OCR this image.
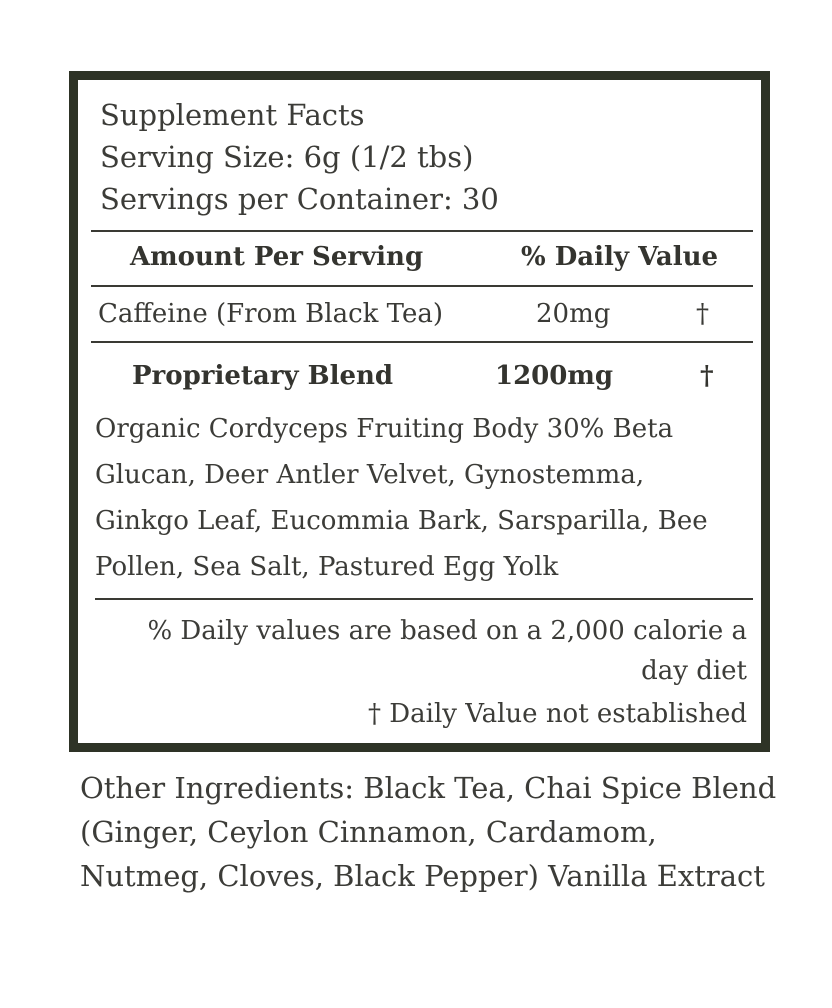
Supplement Facts
Serving Size: 6g (1/2 tbs)
Servings per Container: 30
Amount Per Serving	% Daily Value
Caffeine (From Black Tea)	20mg	†
Proprietary Blend	1200mg	†
Organic Cordyceps Fruiting Body 30% Beta Glucan, Deer Antler Velvet, Gynostemma, Ginkgo Leaf, Eucommia Bark, Sarsparilla, Bee Pollen, Sea Salt, Pastured Egg Yolk
% Daily values are based on a 2,000 calorie a day diet
† Daily Value not established
Other Ingredients: Black Tea, Chai Spice Blend (Ginger, Ceylon Cinnamon, Cardamom, Nutmeg, Cloves, Black Pepper) Vanilla Extract
